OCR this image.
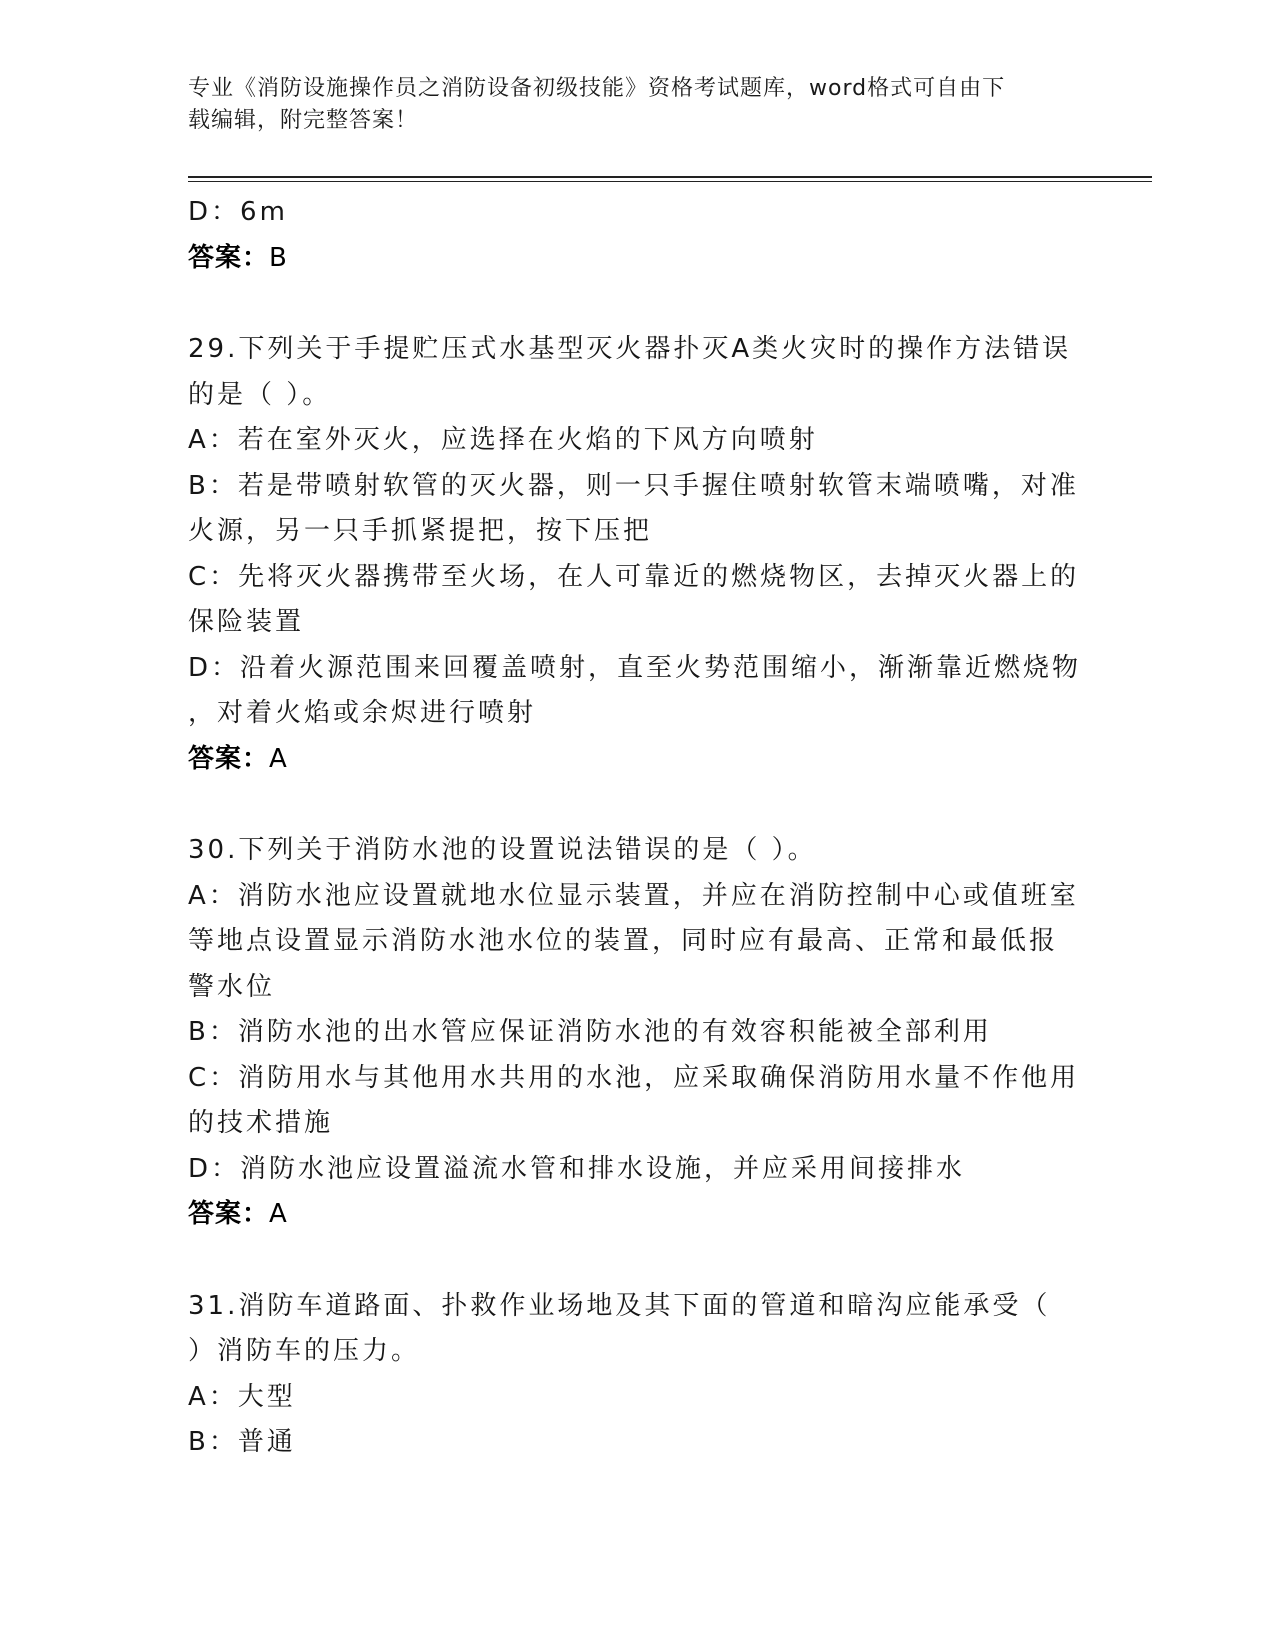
专业《消防设施操作员之消防设备初级技能》资格考试题库，word格式可自由下
载编辑，附完整答案！
D：6m
答案：B
29.下列关于手提贮压式水基型灭火器扑灭A类火灾时的操作方法错误
的是（ ）。
A：若在室外灭火，应选择在火焰的下风方向喷射
B：若是带喷射软管的灭火器，则一只手握住喷射软管末端喷嘴，对准
火源，另一只手抓紧提把，按下压把
C：先将灭火器携带至火场，在人可靠近的燃烧物区，去掉灭火器上的
保险装置
D：沿着火源范围来回覆盖喷射，直至火势范围缩小，渐渐靠近燃烧物
，对着火焰或余烬进行喷射
答案：A
30.下列关于消防水池的设置说法错误的是（ ）。
A：消防水池应设置就地水位显示装置，并应在消防控制中心或值班室
等地点设置显示消防水池水位的装置，同时应有最高、正常和最低报
警水位
B：消防水池的出水管应保证消防水池的有效容积能被全部利用
C：消防用水与其他用水共用的水池，应采取确保消防用水量不作他用
的技术措施
D：消防水池应设置溢流水管和排水设施，并应采用间接排水
答案：A
31.消防车道路面、扑救作业场地及其下面的管道和暗沟应能承受（
）消防车的压力。
A：大型
B：普通
